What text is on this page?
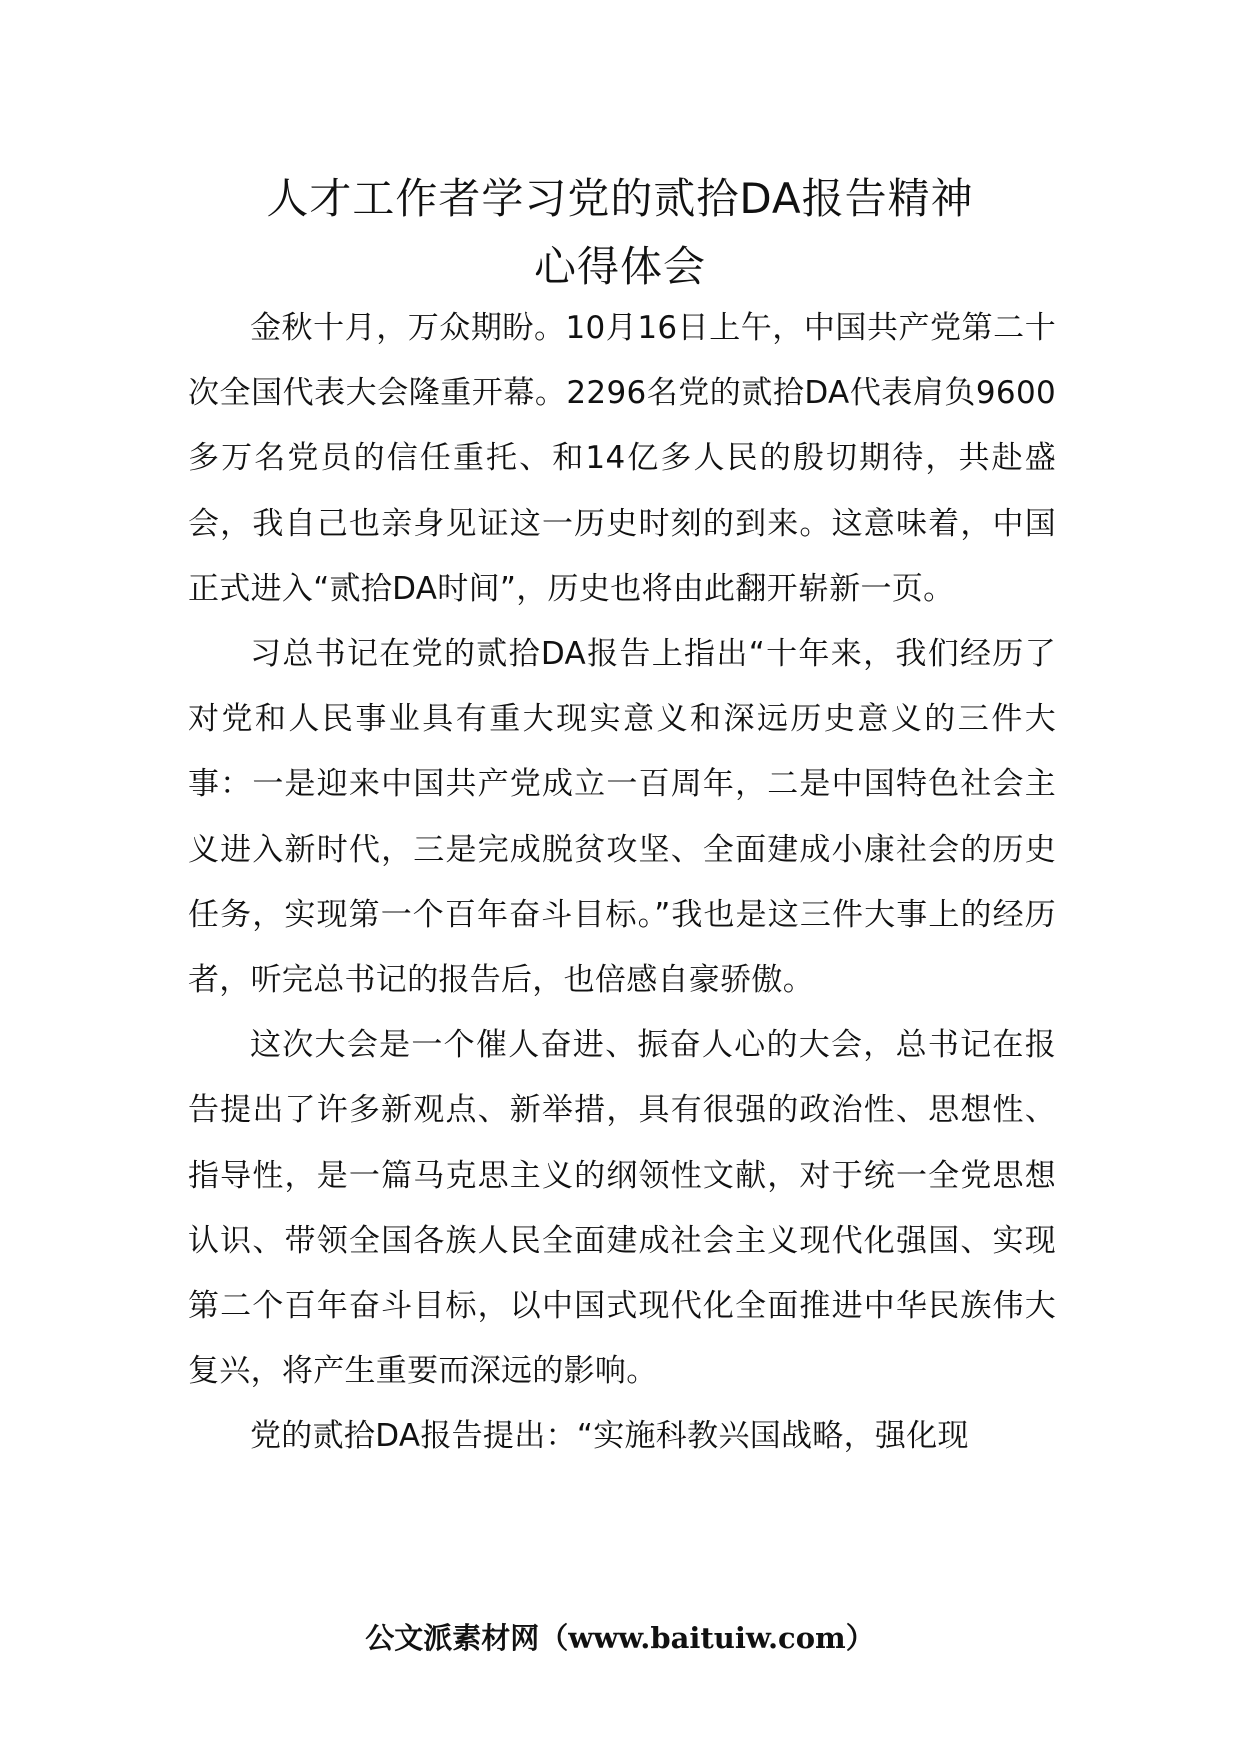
人才工作者学习党的贰拾DA报告精神
心得体会

金秋十月，万众期盼。10月16日上午，中国共产党第二十次全国代表大会隆重开幕。2296名党的贰拾DA代表肩负9600多万名党员的信任重托、和14亿多人民的殷切期待，共赴盛会，我自己也亲身见证这一历史时刻的到来。这意味着，中国正式进入“贰拾DA时间”，历史也将由此翻开崭新一页。

习总书记在党的贰拾DA报告上指出“十年来，我们经历了对党和人民事业具有重大现实意义和深远历史意义的三件大事：一是迎来中国共产党成立一百周年，二是中国特色社会主义进入新时代，三是完成脱贫攻坚、全面建成小康社会的历史任务，实现第一个百年奋斗目标。”我也是这三件大事上的经历者，听完总书记的报告后，也倍感自豪骄傲。

这次大会是一个催人奋进、振奋人心的大会，总书记在报告提出了许多新观点、新举措，具有很强的政治性、思想性、指导性，是一篇马克思主义的纲领性文献，对于统一全党思想认识、带领全国各族人民全面建成社会主义现代化强国、实现第二个百年奋斗目标，以中国式现代化全面推进中华民族伟大复兴，将产生重要而深远的影响。

党的贰拾DA报告提出：“实施科教兴国战略，强化现

公文派素材网（www.baituiw.com）
